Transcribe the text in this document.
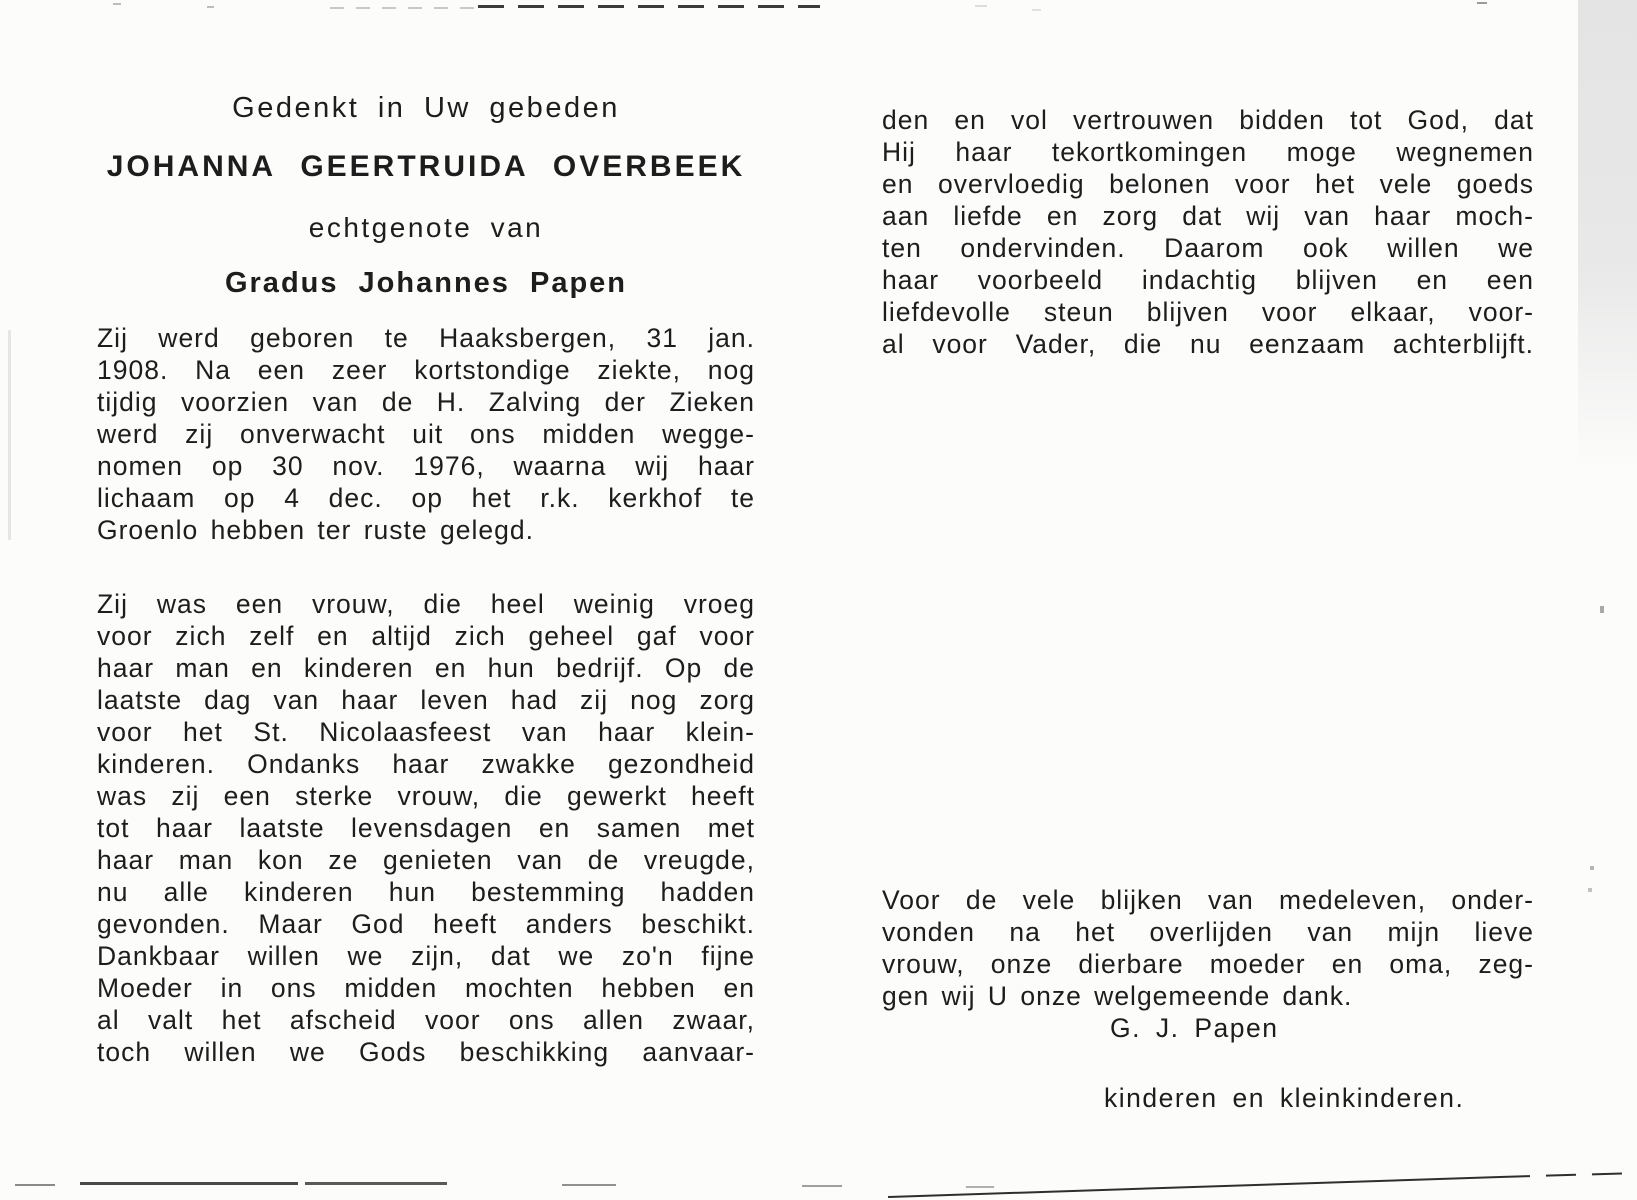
Gedenkt in Uw gebeden
JOHANNA GEERTRUIDA OVERBEEK
echtgenote van
Gradus Johannes Papen
Zij werd geboren te Haaksbergen, 31 jan.
1908. Na een zeer kortstondige ziekte, nog
tijdig voorzien van de H. Zalving der Zieken
werd zij onverwacht uit ons midden wegge-
nomen op 30 nov. 1976, waarna wij haar
lichaam op 4 dec. op het r.k. kerkhof te
Groenlo hebben ter ruste gelegd.
Zij was een vrouw, die heel weinig vroeg
voor zich zelf en altijd zich geheel gaf voor
haar man en kinderen en hun bedrijf. Op de
laatste dag van haar leven had zij nog zorg
voor het St. Nicolaasfeest van haar klein-
kinderen. Ondanks haar zwakke gezondheid
was zij een sterke vrouw, die gewerkt heeft
tot haar laatste levensdagen en samen met
haar man kon ze genieten van de vreugde,
nu alle kinderen hun bestemming hadden
gevonden. Maar God heeft anders beschikt.
Dankbaar willen we zijn, dat we zo'n fijne
Moeder in ons midden mochten hebben en
al valt het afscheid voor ons allen zwaar,
toch willen we Gods beschikking aanvaar-
den en vol vertrouwen bidden tot God, dat
Hij haar tekortkomingen moge wegnemen
en overvloedig belonen voor het vele goeds
aan liefde en zorg dat wij van haar moch-
ten ondervinden. Daarom ook willen we
haar voorbeeld indachtig blijven en een
liefdevolle steun blijven voor elkaar, voor-
al voor Vader, die nu eenzaam achterblijft.
Voor de vele blijken van medeleven, onder-
vonden na het overlijden van mijn lieve
vrouw, onze dierbare moeder en oma, zeg-
gen wij U onze welgemeende dank.
G. J. Papen
kinderen en kleinkinderen.
